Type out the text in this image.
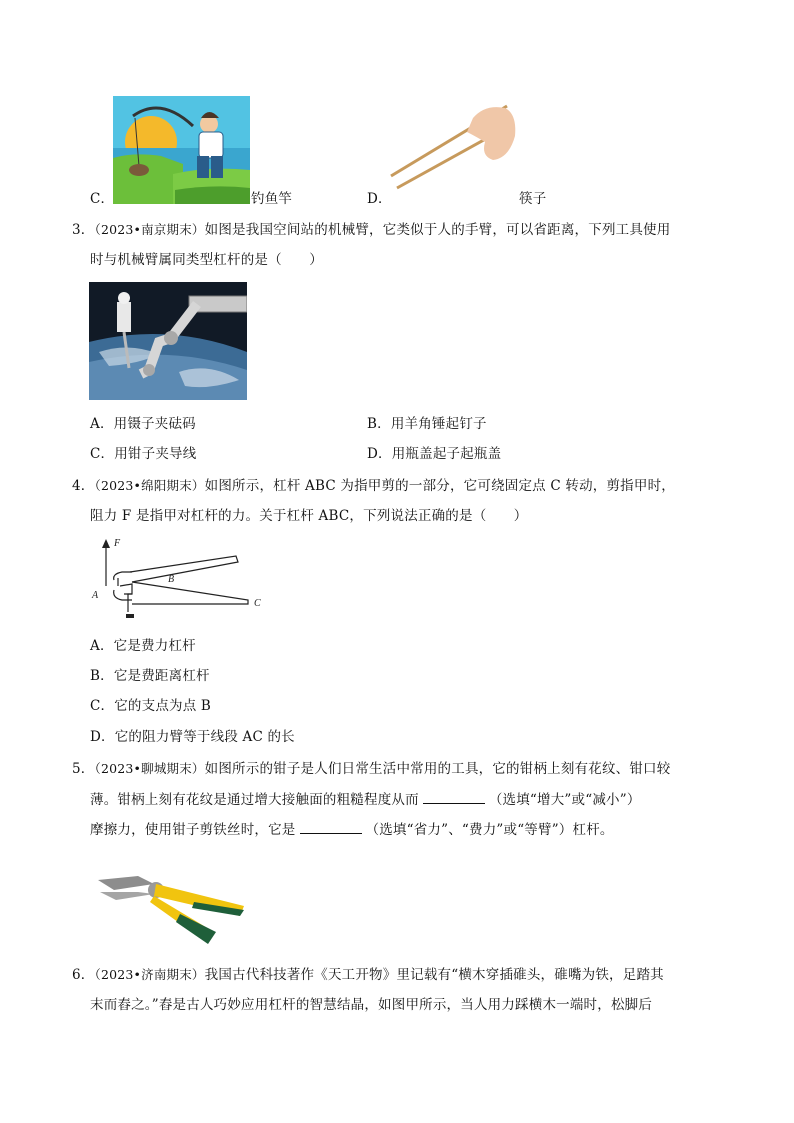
C．	钓鱼竿	D．	筷子
3．（2023•南京期末）如图是我国空间站的机械臂，它类似于人的手臂，可以省距离，下列工具使用
时与机械臂属同类型杠杆的是（　　）
A．用镊子夹砝码	B．用羊角锤起钉子
C．用钳子夹导线	D．用瓶盖起子起瓶盖
4．（2023•绵阳期末）如图所示，杠杆 ABC 为指甲剪的一部分，它可绕固定点 C 转动，剪指甲时，
阻力 F 是指甲对杠杆的力。关于杠杆 ABC，下列说法正确的是（　　）
F
B
A
C
A．它是费力杠杆
B．它是费距离杠杆
C．它的支点为点 B
D．它的阻力臂等于线段 AC 的长
5．（2023•聊城期末）如图所示的钳子是人们日常生活中常用的工具，它的钳柄上刻有花纹、钳口较
薄。钳柄上刻有花纹是通过增大接触面的粗糙程度从而	（选填“增大”或“减小”）
摩擦力，使用钳子剪铁丝时，它是	（选填“省力”、“费力”或“等臂”）杠杆。
6．（2023•济南期末）我国古代科技著作《天工开物》里记载有“横木穿插碓头，碓嘴为铁，足踏其
末而舂之。”舂是古人巧妙应用杠杆的智慧结晶，如图甲所示，当人用力踩横木一端时，松脚后
